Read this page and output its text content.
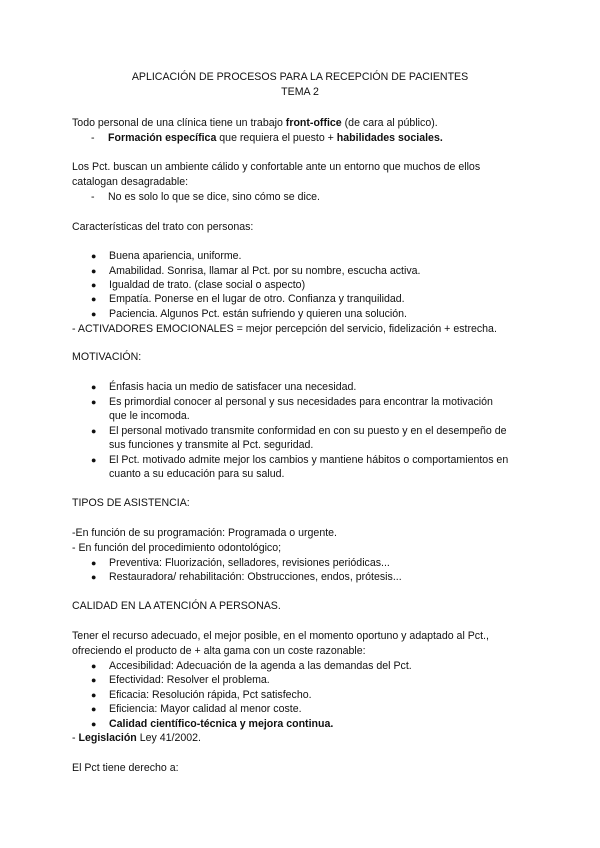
APLICACIÓN DE PROCESOS PARA LA RECEPCIÓN DE PACIENTES
TEMA 2
Todo personal de una clínica tiene un trabajo front-office (de cara al público).
- Formación específica que requiera el puesto + habilidades sociales.
Los Pct. buscan un ambiente cálido y confortable ante un entorno que muchos de ellos
catalogan desagradable:
- No es solo lo que se dice, sino cómo se dice.
Características del trato con personas:
● Buena apariencia, uniforme.
● Amabilidad. Sonrisa, llamar al Pct. por su nombre, escucha activa.
● Igualdad de trato. (clase social o aspecto)
● Empatía. Ponerse en el lugar de otro. Confianza y tranquilidad.
● Paciencia. Algunos Pct. están sufriendo y quieren una solución.
- ACTIVADORES EMOCIONALES = mejor percepción del servicio, fidelización + estrecha.
MOTIVACIÓN:
● Énfasis hacia un medio de satisfacer una necesidad.
● Es primordial conocer al personal y sus necesidades para encontrar la motivación
que le incomoda.
● El personal motivado transmite conformidad en con su puesto y en el desempeño de
sus funciones y transmite al Pct. seguridad.
● El Pct. motivado admite mejor los cambios y mantiene hábitos o comportamientos en
cuanto a su educación para su salud.
TIPOS DE ASISTENCIA:
-En función de su programación: Programada o urgente.
- En función del procedimiento odontológico;
● Preventiva: Fluorización, selladores, revisiones periódicas...
● Restauradora/ rehabilitación: Obstrucciones, endos, prótesis...
CALIDAD EN LA ATENCIÓN A PERSONAS.
Tener el recurso adecuado, el mejor posible, en el momento oportuno y adaptado al Pct.,
ofreciendo el producto de + alta gama con un coste razonable:
● Accesibilidad: Adecuación de la agenda a las demandas del Pct.
● Efectividad: Resolver el problema.
● Eficacia: Resolución rápida, Pct satisfecho.
● Eficiencia: Mayor calidad al menor coste.
● Calidad científico-técnica y mejora continua.
- Legislación Ley 41/2002.
El Pct tiene derecho a:
